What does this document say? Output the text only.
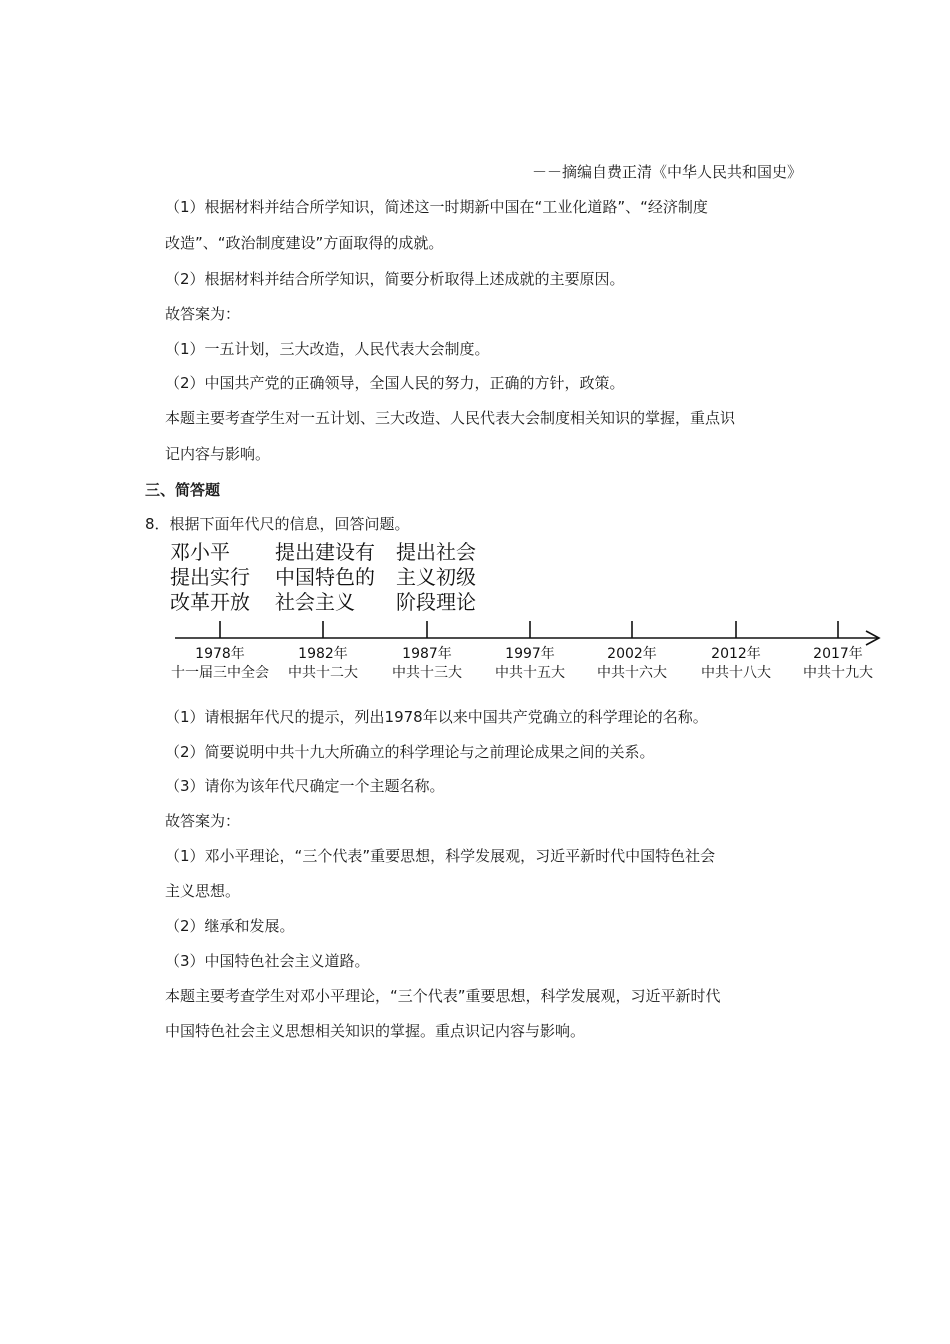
－－摘编自费正清《中华人民共和国史》
（1）根据材料并结合所学知识，简述这一时期新中国在“工业化道路”、“经济制度
改造”、“政治制度建设”方面取得的成就。
（2）根据材料并结合所学知识，简要分析取得上述成就的主要原因。
故答案为：
（1）一五计划，三大改造，人民代表大会制度。
（2）中国共产党的正确领导，全国人民的努力，正确的方针，政策。
本题主要考查学生对一五计划、三大改造、人民代表大会制度相关知识的掌握，重点识
记内容与影响。
三、简答题
8．根据下面年代尺的信息，回答问题。
邓小平
提出实行
改革开放
提出建设有
中国特色的
社会主义
提出社会
主义初级
阶段理论
1978年
十一届三中全会
1982年
中共十二大
1987年
中共十三大
1997年
中共十五大
2002年
中共十六大
2012年
中共十八大
2017年
中共十九大
（1）请根据年代尺的提示，列出1978年以来中国共产党确立的科学理论的名称。
（2）简要说明中共十九大所确立的科学理论与之前理论成果之间的关系。
（3）请你为该年代尺确定一个主题名称。
故答案为：
（1）邓小平理论，“三个代表”重要思想，科学发展观，习近平新时代中国特色社会
主义思想。
（2）继承和发展。
（3）中国特色社会主义道路。
本题主要考查学生对邓小平理论，“三个代表”重要思想，科学发展观，习近平新时代
中国特色社会主义思想相关知识的掌握。重点识记内容与影响。
